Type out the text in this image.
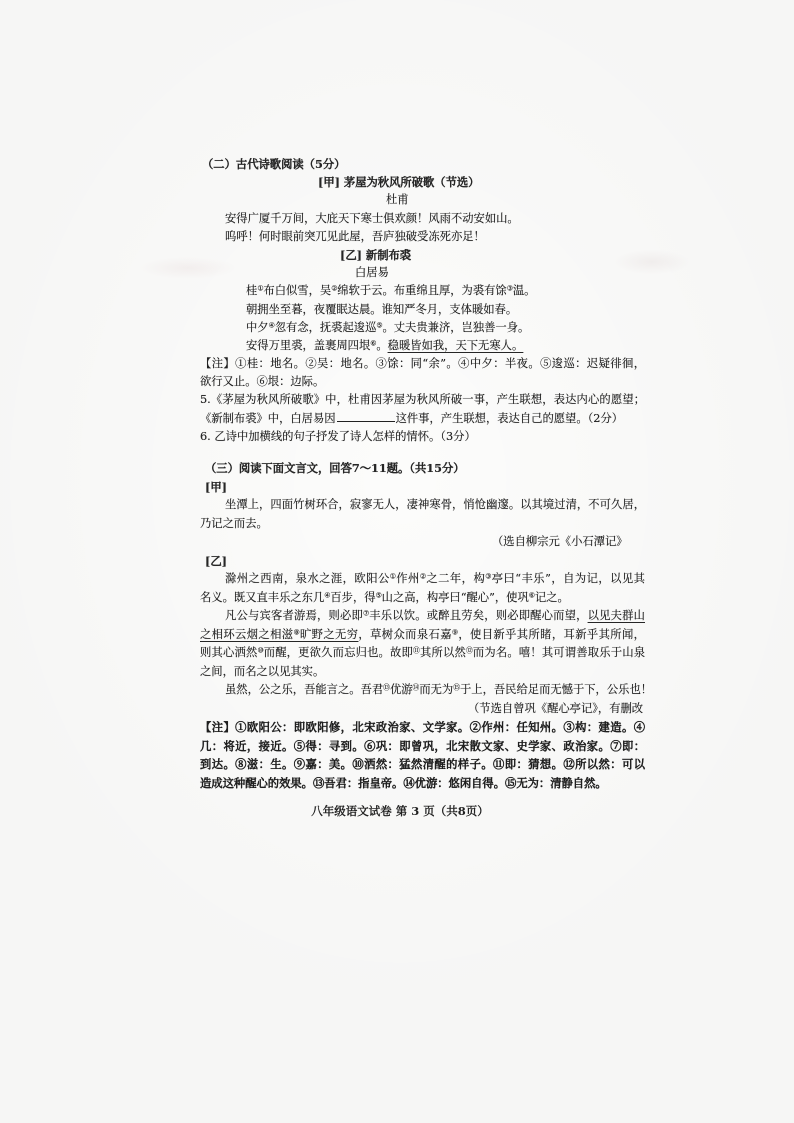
（二）古代诗歌阅读（5分）
[甲] 茅屋为秋风所破歌（节选）
杜甫
安得广厦千万间，大庇天下寒士俱欢颜！风雨不动安如山。
呜呼！何时眼前突兀见此屋，吾庐独破受冻死亦足！
[乙] 新制布裘
白居易
桂①布白似雪，吴②绵软于云。布重绵且厚，为裘有馀③温。
朝拥坐至暮，夜覆眠达晨。谁知严冬月，支体暖如春。
中夕④忽有念，抚裘起逡巡⑤。丈夫贵兼济，岂独善一身。
安得万里裘，盖裹周四垠⑥。稳暖皆如我，天下无寒人。
【注】①桂：地名。②吴：地名。③馀：同“余”。④中夕：半夜。⑤逡巡：迟疑徘徊，
欲行又止。⑥垠：边际。
5.《茅屋为秋风所破歌》中，杜甫因茅屋为秋风所破一事，产生联想，表达内心的愿望；
《新制布裘》中，白居易因	这件事，产生联想，表达自己的愿望。（2分）
6. 乙诗中加横线的句子抒发了诗人怎样的情怀。（3分）
（三）阅读下面文言文，回答7～11题。（共15分）
[甲]
坐潭上，四面竹树环合，寂寥无人，凄神寒骨，悄怆幽邃。以其境过清，不可久居，
乃记之而去。
（选自柳宗元《小石潭记》
[乙]
滁州之西南，泉水之涯，欧阳公①作州②之二年，构③亭曰“丰乐”，自为记，以见其
名义。既又直丰乐之东几④百步，得⑤山之高，构亭曰“醒心”，使巩⑥记之。
凡公与宾客者游焉，则必即⑦丰乐以饮。或醉且劳矣，则必即醒心而望，以见夫群山
之相环云烟之相滋⑧旷野之无穷，草树众而泉石嘉⑨，使目新乎其所睹，耳新乎其所闻，
则其心洒然⑩而醒，更欲久而忘归也。故即⑪其所以然⑫而为名。嘻！其可谓善取乐于山泉
之间，而名之以见其实。
虽然，公之乐，吾能言之。吾君⑬优游⑭而无为⑮于上，吾民给足而无憾于下，公乐也！
（节选自曾巩《醒心亭记》，有删改
【注】①欧阳公：即欧阳修，北宋政治家、文学家。②作州：任知州。③构：建造。④
几：将近，接近。⑤得：寻到。⑥巩：即曾巩，北宋散文家、史学家、政治家。⑦即：
到达。⑧滋：生。⑨嘉：美。⑩洒然：猛然清醒的样子。⑪即：猜想。⑫所以然：可以
造成这种醒心的效果。⑬吾君：指皇帝。⑭优游：悠闲自得。⑮无为：清静自然。
八年级语文试卷 第 3 页（共8页）
